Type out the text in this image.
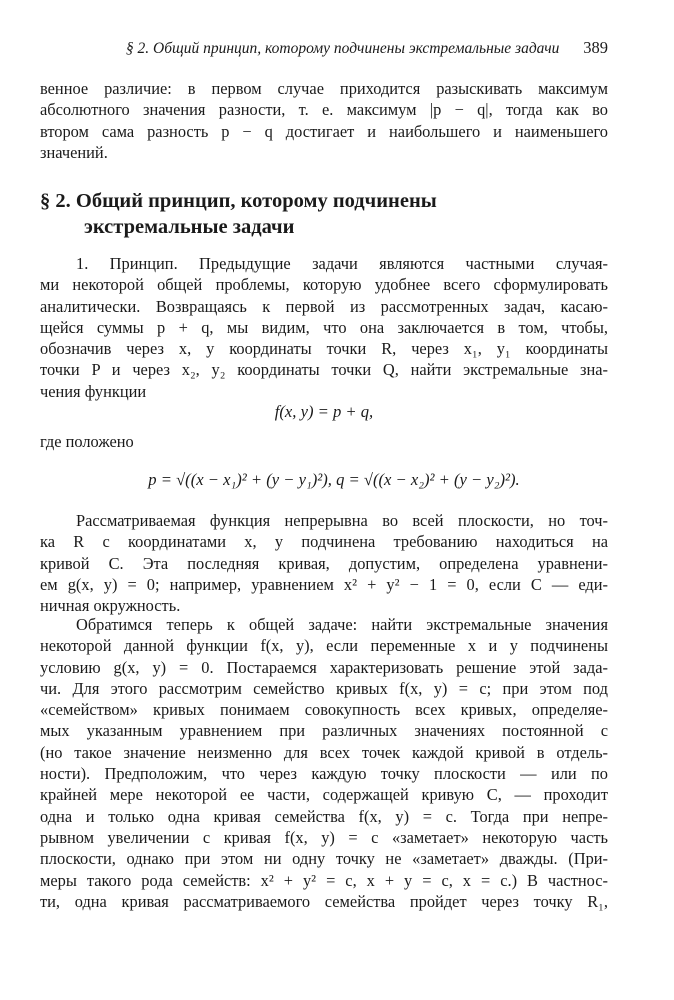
§ 2. Общий принцип, которому подчинены экстремальные задачи 389
венное различие: в первом случае приходится разыскивать максимум
абсолютного значения разности, т. е. максимум |p − q|, тогда как во
втором сама разность p − q достигает и наибольшего и наименьшего
значений.
§ 2. Общий принцип, которому подчинены
экстремальные задачи
1. Принцип. Предыдущие задачи являются частными случая-
ми некоторой общей проблемы, которую удобнее всего сформулировать
аналитически. Возвращаясь к первой из рассмотренных задач, касаю-
щейся суммы p + q, мы видим, что она заключается в том, чтобы,
обозначив через x, y координаты точки R, через x₁, y₁ координаты
точки P и через x₂, y₂ координаты точки Q, найти экстремальные зна-
чения функции
f(x, y) = p + q,
где положено
p = √((x − x₁)² + (y − y₁)²), q = √((x − x₂)² + (y − y₂)²).
Рассматриваемая функция непрерывна во всей плоскости, но точ-
ка R с координатами x, y подчинена требованию находиться на
кривой C. Эта последняя кривая, допустим, определена уравнени-
ем g(x, y) = 0; например, уравнением x² + y² − 1 = 0, если C — еди-
ничная окружность.
Обратимся теперь к общей задаче: найти экстремальные значения
некоторой данной функции f(x, y), если переменные x и y подчинены
условию g(x, y) = 0. Постараемся характеризовать решение этой зада-
чи. Для этого рассмотрим семейство кривых f(x, y) = c; при этом под
«семейством» кривых понимаем совокупность всех кривых, определяе-
мых указанным уравнением при различных значениях постоянной c
(но такое значение неизменно для всех точек каждой кривой в отдель-
ности). Предположим, что через каждую точку плоскости — или по
крайней мере некоторой ее части, содержащей кривую C, — проходит
одна и только одна кривая семейства f(x, y) = c. Тогда при непре-
рывном увеличении c кривая f(x, y) = c «заметает» некоторую часть
плоскости, однако при этом ни одну точку не «заметает» дважды. (При-
меры такого рода семейств: x² + y² = c, x + y = c, x = c.) В частнос-
ти, одна кривая рассматриваемого семейства пройдет через точку R₁,
